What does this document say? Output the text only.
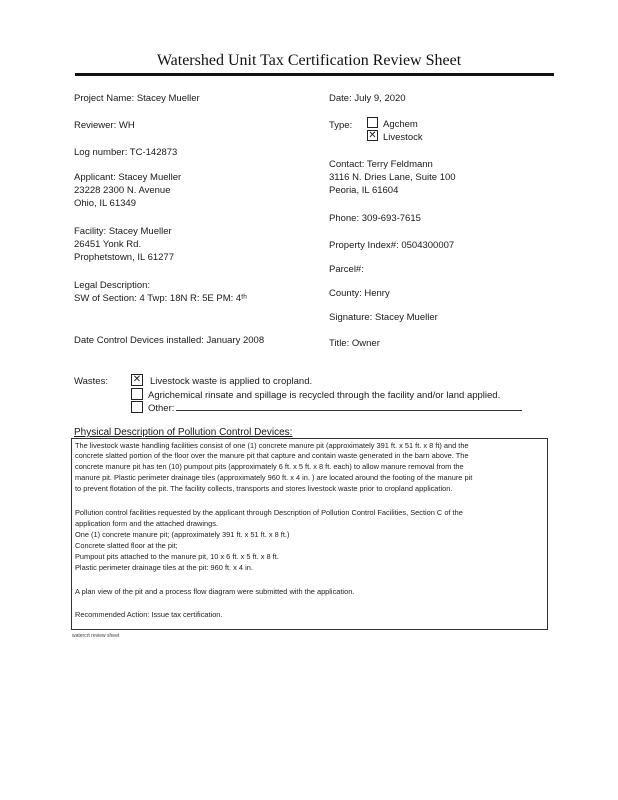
Watershed Unit Tax Certification Review Sheet
Project Name: Stacey Mueller
Reviewer: WH
Log number: TC-142873
Applicant: Stacey Mueller
23228 2300 N. Avenue
Ohio, IL 61349
Facility: Stacey Mueller
26451 Yonk Rd.
Prophetstown, IL 61277
Legal Description:
SW of Section: 4 Twp: 18N R: 5E PM: 4ᵗʰ
Date Control Devices installed: January 2008
Date: July 9, 2020
Type:	Agchem
✕ Livestock
Contact: Terry Feldmann
3116 N. Dries Lane, Suite 100
Peoria, IL 61604
Phone: 309-693-7615
Property Index#: 0504300007
Parcel#:
County: Henry
Signature: Stacey Mueller
Title: Owner
Wastes: ✕ Livestock waste is applied to cropland.
Agrichemical rinsate and spillage is recycled through the facility and/or land applied.
Other:
Physical Description of Pollution Control Devices:
The livestock waste handling facilities consist of one (1) concrete manure pit (approximately 391 ft. x 51 ft. x 8 ft) and the
concrete slatted portion of the floor over the manure pit that capture and contain waste generated in the barn above. The
concrete manure pit has ten (10) pumpout pits (approximately 6 ft. x 5 ft. x 8 ft. each) to allow manure removal from the
manure pit. Plastic perimeter drainage tiles (approximately 960 ft. x 4 in. ) are located around the footing of the manure pit
to prevent flotation of the pit. The facility collects, transports and stores livestock waste prior to cropland application.
Pollution control facilities requested by the applicant through Description of Pollution Control Facilities, Section C of the
application form and the attached drawings.
One (1) concrete manure pit; (approximately 391 ft. x 51 ft. x 8 ft.)
Concrete slatted floor at the pit;
Pumpout pits attached to the manure pit, 10 x 6 ft. x 5 ft. x 8 ft.
Plastic perimeter drainage tiles at the pit: 960 ft. x 4 in.
A plan view of the pit and a process flow diagram were submitted with the application.
Recommended Action: Issue tax certification.
watercrt review sheet
